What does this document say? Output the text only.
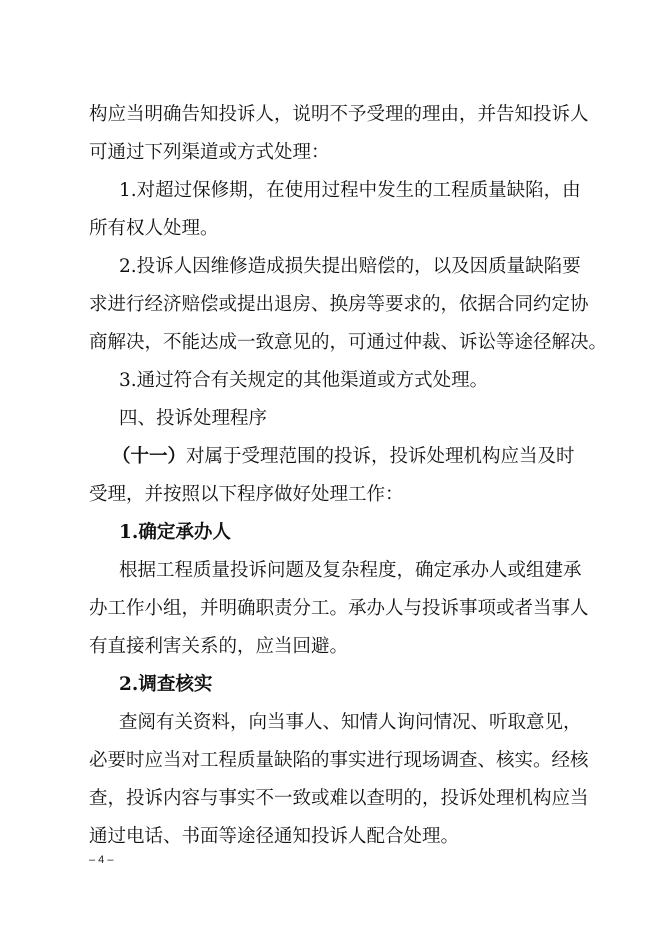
构应当明确告知投诉人，说明不予受理的理由，并告知投诉人
可通过下列渠道或方式处理：
1.对超过保修期，在使用过程中发生的工程质量缺陷，由
所有权人处理。
2.投诉人因维修造成损失提出赔偿的，以及因质量缺陷要
求进行经济赔偿或提出退房、换房等要求的，依据合同约定协
商解决，不能达成一致意见的，可通过仲裁、诉讼等途径解决。
3.通过符合有关规定的其他渠道或方式处理。
四、投诉处理程序
（十一）对属于受理范围的投诉，投诉处理机构应当及时
受理，并按照以下程序做好处理工作：
1.确定承办人
根据工程质量投诉问题及复杂程度，确定承办人或组建承
办工作小组，并明确职责分工。承办人与投诉事项或者当事人
有直接利害关系的，应当回避。
2.调查核实
查阅有关资料，向当事人、知情人询问情况、听取意见，
必要时应当对工程质量缺陷的事实进行现场调查、核实。经核
查，投诉内容与事实不一致或难以查明的，投诉处理机构应当
通过电话、书面等途径通知投诉人配合处理。
– 4 –
